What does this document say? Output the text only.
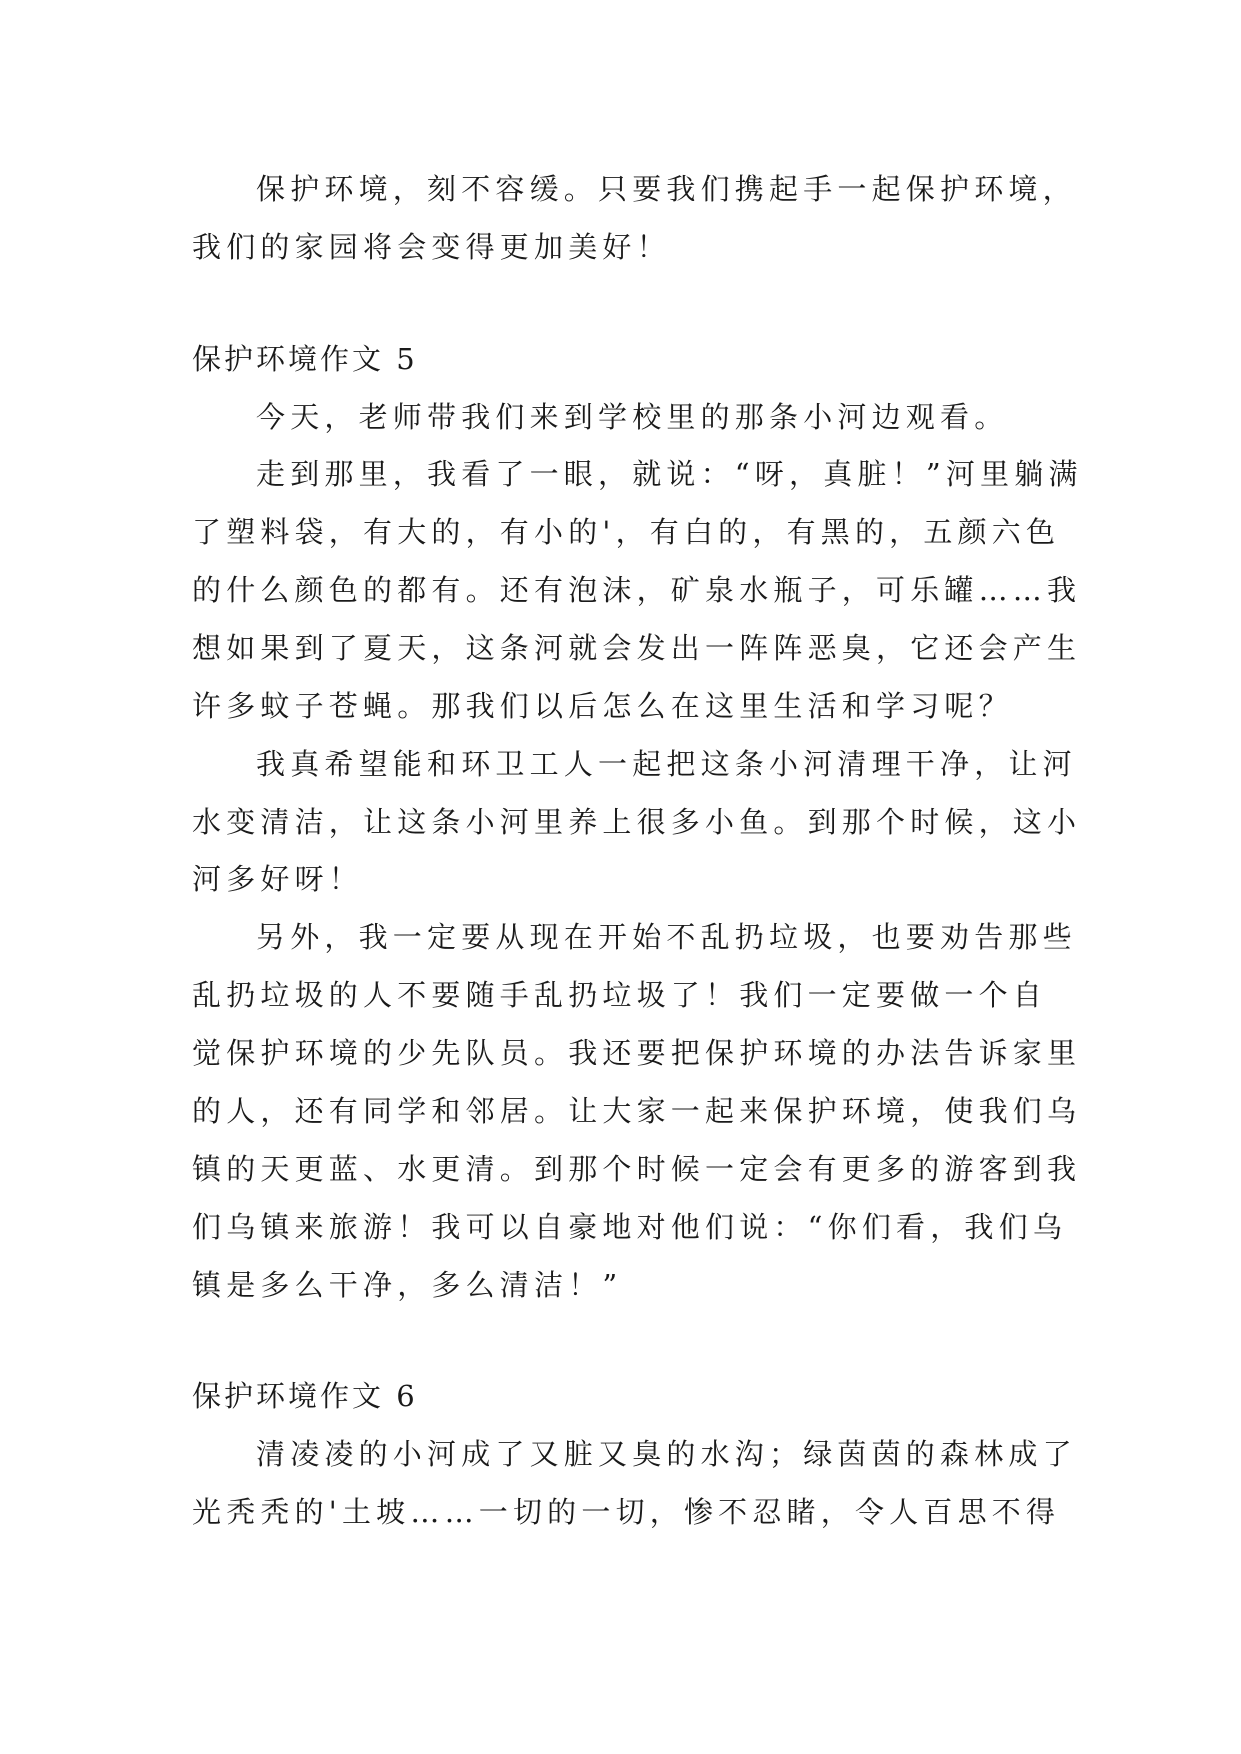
保护环境，刻不容缓。只要我们携起手一起保护环境，
我们的家园将会变得更加美好！
保护环境作文 5
今天，老师带我们来到学校里的那条小河边观看。
走到那里，我看了一眼，就说：“呀，真脏！”河里躺满
了塑料袋，有大的，有小的'，有白的，有黑的，五颜六色
的什么颜色的都有。还有泡沫，矿泉水瓶子，可乐罐……我
想如果到了夏天，这条河就会发出一阵阵恶臭，它还会产生
许多蚊子苍蝇。那我们以后怎么在这里生活和学习呢？
我真希望能和环卫工人一起把这条小河清理干净，让河
水变清洁，让这条小河里养上很多小鱼。到那个时候，这小
河多好呀！
另外，我一定要从现在开始不乱扔垃圾，也要劝告那些
乱扔垃圾的人不要随手乱扔垃圾了！我们一定要做一个自
觉保护环境的少先队员。我还要把保护环境的办法告诉家里
的人，还有同学和邻居。让大家一起来保护环境，使我们乌
镇的天更蓝、水更清。到那个时候一定会有更多的游客到我
们乌镇来旅游！我可以自豪地对他们说：“你们看，我们乌
镇是多么干净，多么清洁！”
保护环境作文 6
清凌凌的小河成了又脏又臭的水沟；绿茵茵的森林成了
光秃秃的'土坡……一切的一切，惨不忍睹，令人百思不得
